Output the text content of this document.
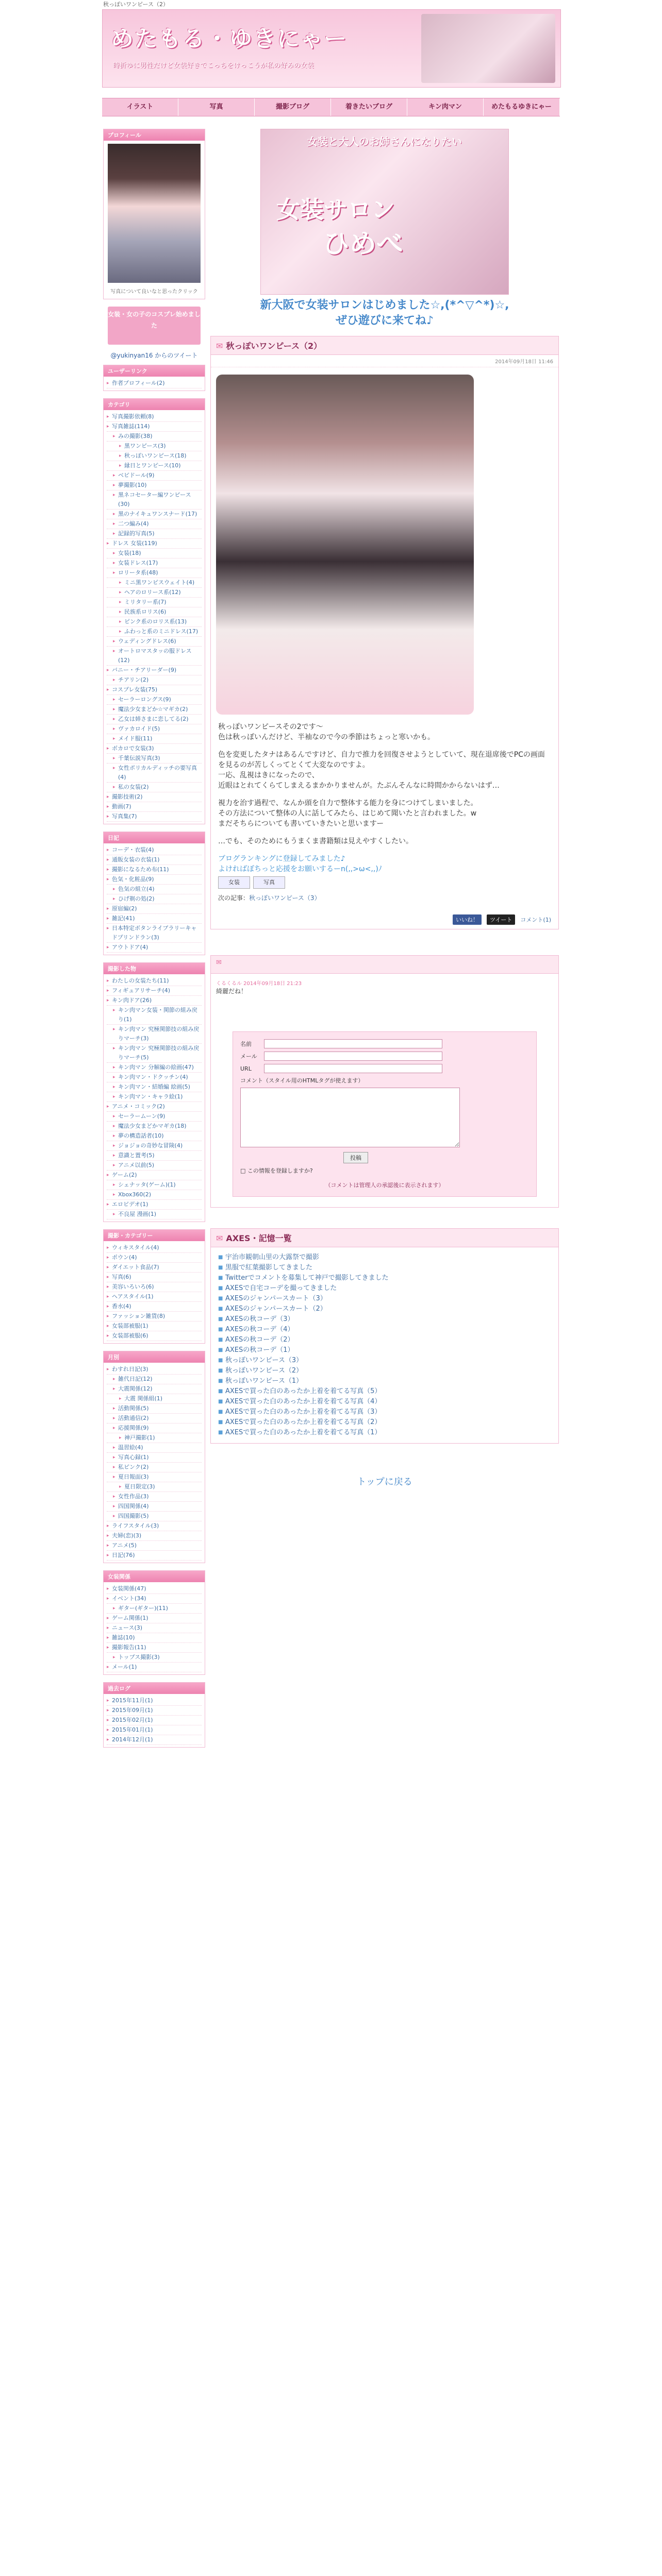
秋っぽいワンピース（2）
めたもる・ゆきにゃー
時折ゆに男性だけど女装好きでこっちをけっこうが私の好みの女装
イラスト	写真	撮影ブログ	着きたいブログ	キン肉マン	めたもるゆきにゃー
プロフィール
写真について良いなと思ったクリック
女装・女の子のコスプレ始めました
@yukinyan16 からのツイート
ユーザーリンク
▸ 作者プロフィール(2)
カテゴリ
▸ 写真撮影依頼(8)
▸ 写真雑誌(114)
▸ みの撮影(38)
▸ 黒ワンピース(3)
▸ 秋っぽいワンピース(18)
▸ 縁日とワンピース(10)
▸ ベビドール(9)
▸ 夢撮影(10)
▸ 黒ネコセーター編ワンピース(30)
▸ 黒のナイキュワンスナード(17)
▸ 二つ編み(4)
▸ 記録的写真(5)
▸ ドレス 女装(119)
▸ 女装(18)
▸ 女装ドレス(17)
▸ ロリータ系(48)
▸ ミニ黒ワンピスウェイト(4)
▸ ヘアのロリース系(12)
▸ ミリタリー系(7)
▸ 民族系ロリス(6)
▸ ピンク系のロリス系(13)
▸ ふわっと系のミニドレス(17)
▸ ウェディングドレス(6)
▸ オートロマスタッの服ドレス(12)
▸ バニー・チアリーダー(9)
▸ チアリン(2)
▸ コスプレ女装(75)
▸ セーラーロングス(9)
▸ 魔法少女まどか☆マギカ(2)
▸ 乙女は姉さまに恋してる(2)
▸ ヴァカロイド(5)
▸ メイド服(11)
▸ ボカロで女装(3)
▸ 千葉伝説写真(3)
▸ 女性ポリカルディッチの要写真(4)
▸ 私の女装(2)
▸ 撮影技術(2)
▸ 動画(7)
▸ 写真集(7)
日記
▸ コーデ・衣装(4)
▸ 通販女装の衣装(1)
▸ 撮影になるため布(11)
▸ 色気・化粧品(9)
▸ 色気の組立(4)
▸ ひげ剃の処(2)
▸ 原宿編(2)
▸ 雑記(41)
▸ 日本特定ボタンライブラリーキャドプリンドラン(3)
▸ アウトドア(4)
撮影した物
▸ わたしの女装たち(11)
▸ フィギュアリサーチ(4)
▸ キン肉ドア(26)
▸ キン肉マン女装・関節の組み戻り(1)
▸ キン肉マン 究極関節技の組み戻りマーチ(3)
▸ キン肉マン 究極関節技の組み戻りマーチ(5)
▸ キン肉マン 分解編の絵画(47)
▸ キン肉マン・ドクッチン(4)
▸ キン肉マン・結婚編 絵画(5)
▸ キン肉マン・キャラ絵(1)
▸ アニメ・コミック(2)
▸ セーラームーン(9)
▸ 魔法少女まどかマギカ(18)
▸ 夢の構造話者(10)
▸ ジョジョの奇妙な冒険(4)
▸ 意識と置考(5)
▸ アニメ以前(5)
▸ ゲーム(2)
▸ シェナッタ(ゲーム)(1)
▸ Xbox360(2)
▸ エロビデオ(1)
▸ 不良屋 漫画(1)
撮影・カテゴリー
▸ ウィキスタイル(4)
▸ ポウン(4)
▸ ダイエット食品(7)
▸ 写真(6)
▸ 美容いろいろ(6)
▸ ヘアスタイル(1)
▸ 香水(4)
▸ ファッション雑貨(8)
▸ 女装部被服(1)
▸ 女装部被服(6)
月別
▸ わすれ日記(3)
▸ 雑代日記(12)
▸ 大震関係(12)
▸ 大震 関係組(1)
▸ 活動関係(5)
▸ 活動通信(2)
▸ 応援関係(9)
▸ 神戸撮影(1)
▸ 温習絵(4)
▸ 写真心録(1)
▸ 私ピンク(2)
▸ 夏日報面(3)
▸ 夏日限定(3)
▸ 女性作品(3)
▸ 四国関係(4)
▸ 四国撮影(5)
▸ ライフスタイル(3)
▸ 夫婦(恋)(3)
▸ アニメ(5)
▸ 日記(76)
女装関係
▸ 女装関係(47)
▸ イベント(34)
▸ ギター(ギター)(11)
▸ ゲーム関係(1)
▸ ニュース(3)
▸ 雑誌(10)
▸ 撮影報告(11)
▸ トップス撮影(3)
▸ メール(1)
過去ログ
▸ 2015年11月(1)
▸ 2015年09月(1)
▸ 2015年02月(1)
▸ 2015年01月(1)
▸ 2014年12月(1)
女装と大人のお姉さんになりたい
女装サロン
ひめべ
新大阪で女装サロンはじめました☆,(*^▽^*)☆,
ぜひ遊びに来てね♪
✉ 秋っぽいワンピース（2）
2014年09月18日 11:46

秋っぽいワンピースその2です〜
色は秋っぽいんだけど、半袖なので今の季節はちょっと寒いかも。

色を変更したタナはあるんですけど、自力で推力を回復させようとしていて、現在退席後でPCの画面を見るのが苦しくってとくて大変なのですよ。
一応、乱視はきになったので、
近眼はとれてくらてしまえるまかかりませんが。たぶんそんなに時間かからないはず…

視力を治す過程で、なんか頭を自力で整体する能力を身につけてしまいました。
その方法について整体の人に話してみたら、はじめて聞いたと言われました。w
まだそちらについても書いていきたいと思いますー

…でも、そのためにもうまくま書籍類は見えやすくしたい。

ブログランキングに登録してみました♪
よければぼちっと応援をお願いするーn(,,>ω<,,)ﾉ
女装	写真
次の記事：秋っぽいワンピース（3）
いいね！	ツイート	コメント(1)
✉
くるくるル 2014年09月18日 21:23
綺麗だね！
名前
メール
URL
コメント（スタイル用のHTMLタグが使えます）

投稿
□ この情報を登録しますか?
（コメントは管理人の承認後に表示されます）
✉ AXES・記憶一覧
■ 宇治市観朝山里の大露祭で撮影
■ 黒服で紅葉撮影してきました
■ Twitterでコメントを募集して神戸で撮影してきました
■ AXESで自宅コーデを撮ってきました
■ AXESのジャンパースカート（3）
■ AXESのジャンパースカート（2）
■ AXESの秋コーデ（3）
■ AXESの秋コーデ（4）
■ AXESの秋コーデ（2）
■ AXESの秋コーデ（1）
■ 秋っぽいワンピース（3）
■ 秋っぽいワンピース（2）
■ 秋っぽいワンピース（1）
■ AXESで買った白のあったか上着を着てる写真（5）
■ AXESで買った白のあったか上着を着てる写真（4）
■ AXESで買った白のあったか上着を着てる写真（3）
■ AXESで買った白のあったか上着を着てる写真（2）
■ AXESで買った白のあったか上着を着てる写真（1）
トップに戻る
